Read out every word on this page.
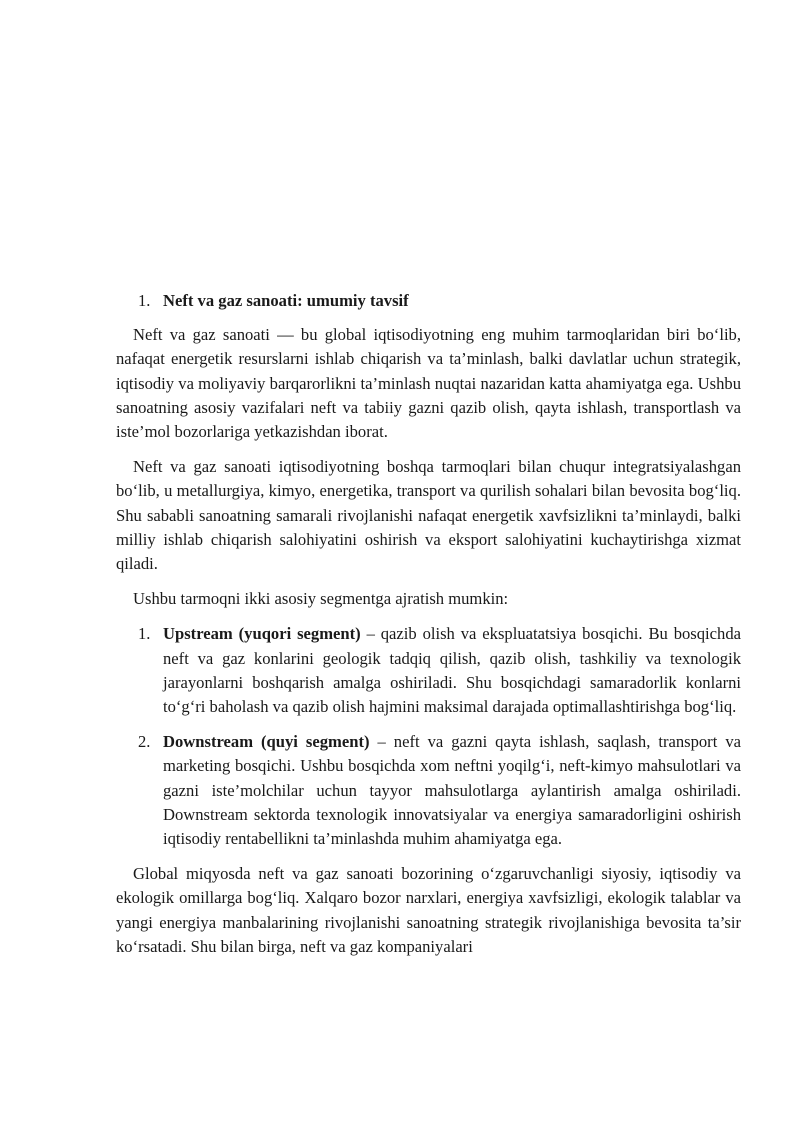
1. Neft va gaz sanoati: umumiy tavsif

Neft va gaz sanoati — bu global iqtisodiyotning eng muhim tarmoqlaridan biri bo‘lib, nafaqat energetik resurslarni ishlab chiqarish va ta’minlash, balki davlatlar uchun strategik, iqtisodiy va moliyaviy barqarorlikni ta’minlash nuqtai nazaridan katta ahamiyatga ega. Ushbu sanoatning asosiy vazifalari neft va tabiiy gazni qazib olish, qayta ishlash, transportlash va iste’mol bozorlariga yetkazishdan iborat.

Neft va gaz sanoati iqtisodiyotning boshqa tarmoqlari bilan chuqur integratsiyalashgan bo‘lib, u metallurgiya, kimyo, energetika, transport va qurilish sohalari bilan bevosita bog‘liq. Shu sababli sanoatning samarali rivojlanishi nafaqat energetik xavfsizlikni ta’minlaydi, balki milliy ishlab chiqarish salohiyatini oshirish va eksport salohiyatini kuchaytirishga xizmat qiladi.

Ushbu tarmoqni ikki asosiy segmentga ajratish mumkin:

1. Upstream (yuqori segment) – qazib olish va ekspluatatsiya bosqichi. Bu bosqichda neft va gaz konlarini geologik tadqiq qilish, qazib olish, tashkiliy va texnologik jarayonlarni boshqarish amalga oshiriladi. Shu bosqichdagi samaradorlik konlarni to‘g‘ri baholash va qazib olish hajmini maksimal darajada optimallashtirishga bog‘liq.
2. Downstream (quyi segment) – neft va gazni qayta ishlash, saqlash, transport va marketing bosqichi. Ushbu bosqichda xom neftni yoqilg‘i, neft-kimyo mahsulotlari va gazni iste’molchilar uchun tayyor mahsulotlarga aylantirish amalga oshiriladi. Downstream sektorda texnologik innovatsiyalar va energiya samaradorligini oshirish iqtisodiy rentabellikni ta’minlashda muhim ahamiyatga ega.

Global miqyosda neft va gaz sanoati bozorining o‘zgaruvchanligi siyosiy, iqtisodiy va ekologik omillarga bog‘liq. Xalqaro bozor narxlari, energiya xavfsizligi, ekologik talablar va yangi energiya manbalarining rivojlanishi sanoatning strategik rivojlanishiga bevosita ta’sir ko‘rsatadi. Shu bilan birga, neft va gaz kompaniyalari
